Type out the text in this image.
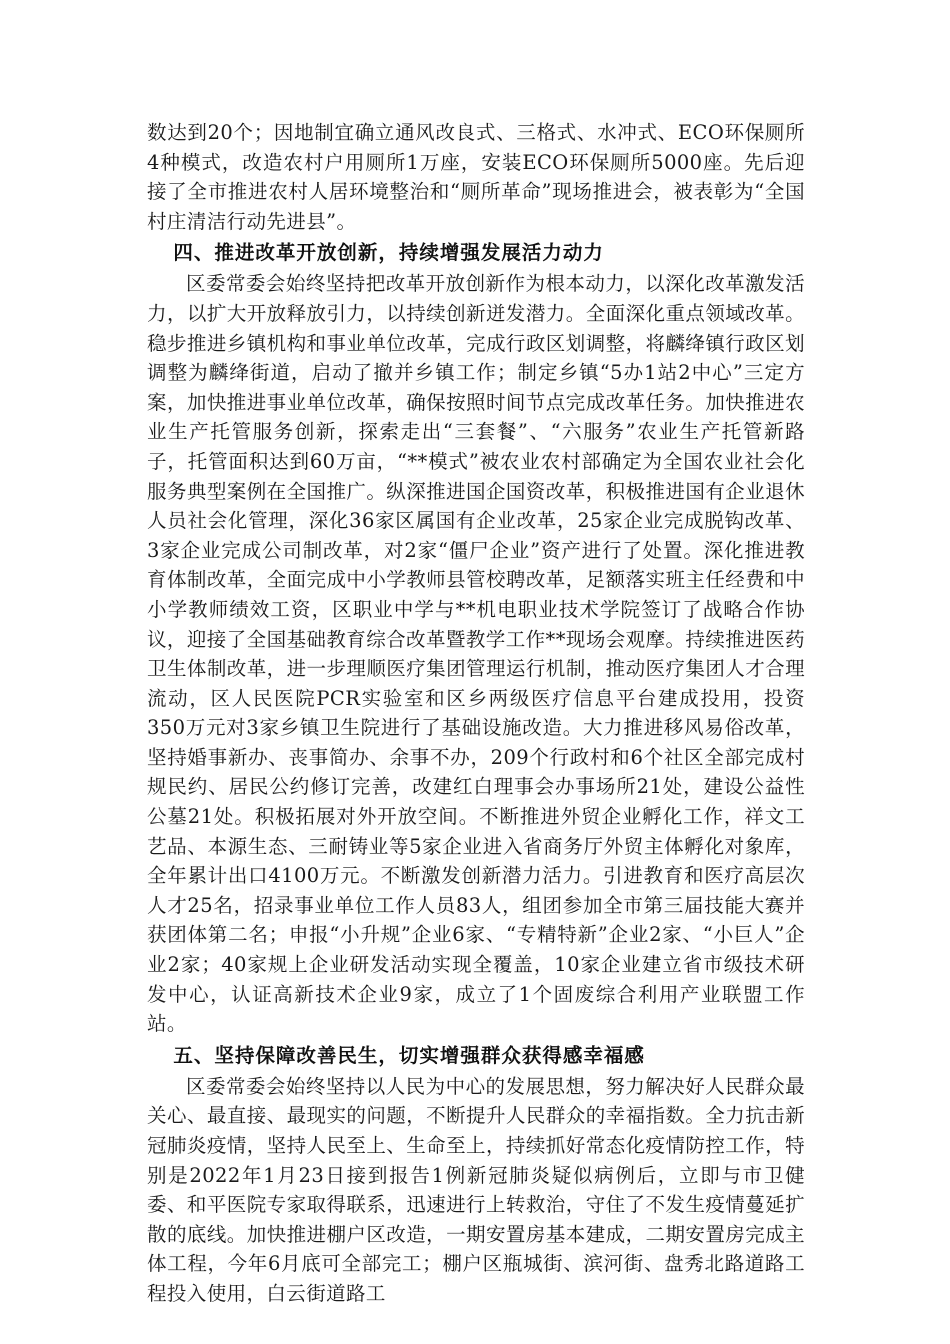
数达到20个；因地制宜确立通风改良式、三格式、水冲式、ECO环保厕所4种模式，改造农村户用厕所1万座，安装ECO环保厕所5000座。先后迎接了全市推进农村人居环境整治和“厕所革命”现场推进会，被表彰为“全国村庄清洁行动先进县”。

四、推进改革开放创新，持续增强发展活力动力

区委常委会始终坚持把改革开放创新作为根本动力，以深化改革激发活力，以扩大开放释放引力，以持续创新迸发潜力。全面深化重点领域改革。稳步推进乡镇机构和事业单位改革，完成行政区划调整，将麟绛镇行政区划调整为麟绛街道，启动了撤并乡镇工作；制定乡镇“5办1站2中心”三定方案，加快推进事业单位改革，确保按照时间节点完成改革任务。加快推进农业生产托管服务创新，探索走出“三套餐”、“六服务”农业生产托管新路子，托管面积达到60万亩，“**模式”被农业农村部确定为全国农业社会化服务典型案例在全国推广。纵深推进国企国资改革，积极推进国有企业退休人员社会化管理，深化36家区属国有企业改革，25家企业完成脱钩改革、3家企业完成公司制改革，对2家“僵尸企业”资产进行了处置。深化推进教育体制改革，全面完成中小学教师县管校聘改革，足额落实班主任经费和中小学教师绩效工资，区职业中学与**机电职业技术学院签订了战略合作协议，迎接了全国基础教育综合改革暨教学工作**现场会观摩。持续推进医药卫生体制改革，进一步理顺医疗集团管理运行机制，推动医疗集团人才合理流动，区人民医院PCR实验室和区乡两级医疗信息平台建成投用，投资350万元对3家乡镇卫生院进行了基础设施改造。大力推进移风易俗改革，坚持婚事新办、丧事简办、余事不办，209个行政村和6个社区全部完成村规民约、居民公约修订完善，改建红白理事会办事场所21处，建设公益性公墓21处。积极拓展对外开放空间。不断推进外贸企业孵化工作，祥文工艺品、本源生态、三耐铸业等5家企业进入省商务厅外贸主体孵化对象库，全年累计出口4100万元。不断激发创新潜力活力。引进教育和医疗高层次人才25名，招录事业单位工作人员83人，组团参加全市第三届技能大赛并获团体第二名；申报“小升规”企业6家、“专精特新”企业2家、“小巨人”企业2家；40家规上企业研发活动实现全覆盖，10家企业建立省市级技术研发中心，认证高新技术企业9家，成立了1个固废综合利用产业联盟工作站。

五、坚持保障改善民生，切实增强群众获得感幸福感

区委常委会始终坚持以人民为中心的发展思想，努力解决好人民群众最关心、最直接、最现实的问题，不断提升人民群众的幸福指数。全力抗击新冠肺炎疫情，坚持人民至上、生命至上，持续抓好常态化疫情防控工作，特别是2022年1月23日接到报告1例新冠肺炎疑似病例后，立即与市卫健委、和平医院专家取得联系，迅速进行上转救治，守住了不发生疫情蔓延扩散的底线。加快推进棚户区改造，一期安置房基本建成，二期安置房完成主体工程，今年6月底可全部完工；棚户区瓶城街、滨河街、盘秀北路道路工程投入使用，白云街道路工
